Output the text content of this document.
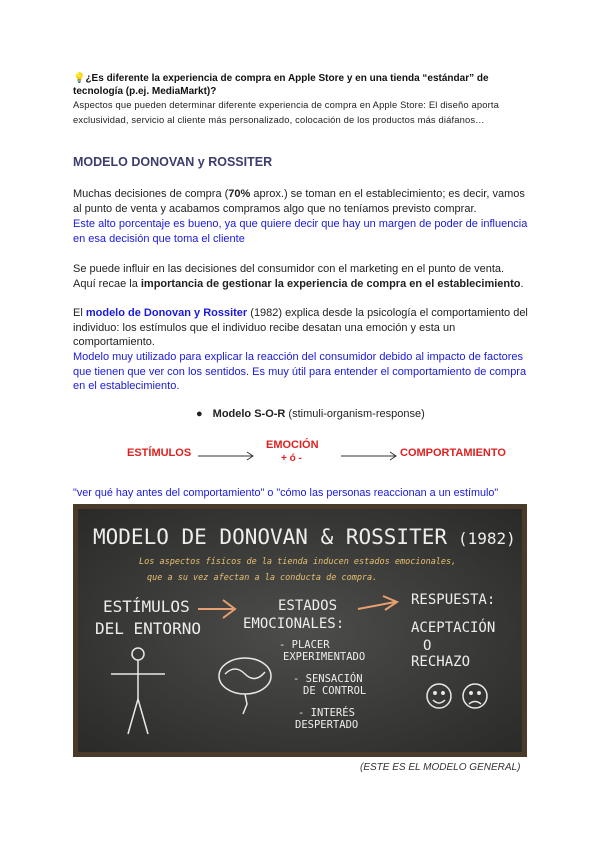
💡¿Es diferente la experiencia de compra en Apple Store y en una tienda “estándar” de tecnología (p.ej. MediaMarkt)?
Aspectos que pueden determinar diferente experiencia de compra en Apple Store: El diseño aporta exclusividad, servicio al cliente más personalizado, colocación de los productos más diáfanos…
MODELO DONOVAN y ROSSITER
Muchas decisiones de compra (70% aprox.) se toman en el establecimiento; es decir, vamos al punto de venta y acabamos compramos algo que no teníamos previsto comprar.
Este alto porcentaje es bueno, ya que quiere decir que hay un margen de poder de influencia en esa decisión que toma el cliente
Se puede influir en las decisiones del consumidor con el marketing en el punto de venta.
Aquí recae la importancia de gestionar la experiencia de compra en el establecimiento.
El modelo de Donovan y Rossiter (1982) explica desde la psicología el comportamiento del individuo: los estímulos que el individuo recibe desatan una emoción y esta un comportamiento.
Modelo muy utilizado para explicar la reacción del consumidor debido al impacto de factores que tienen que ver con los sentidos. Es muy útil para entender el comportamiento de compra en el establecimiento.
● Modelo S-O-R (stimuli-organism-response)
ESTÍMULOS
EMOCIÓN
+ ó -	COMPORTAMIENTO
"ver qué hay antes del comportamiento" o "cómo las personas reaccionan a un estímulo"
MODELO DE DONOVAN & ROSSITER (1982)
Los aspectos físicos de la tienda inducen estados emocionales,
que a su vez afectan a la conducta de compra.
ESTÍMULOS
DEL ENTORNO
ESTADOS
EMOCIONALES:
- PLACER
EXPERIMENTADO
- SENSACIÓN
DE CONTROL
- INTERÉS
DESPERTADO
RESPUESTA:
ACEPTACIÓN
O
RECHAZO
(ESTE ES EL MODELO GENERAL)
